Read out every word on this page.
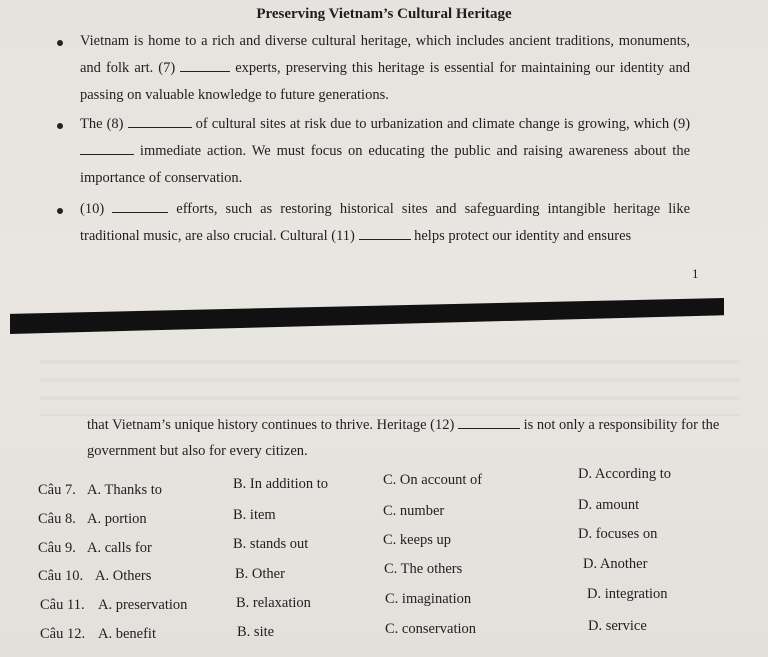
Preserving Vietnam’s Cultural Heritage
Vietnam is home to a rich and diverse cultural heritage, which includes ancient traditions, monuments, and folk art. (7)	experts, preserving this heritage is essential for maintaining our identity and passing on valuable knowledge to future generations.
The (8)	of cultural sites at risk due to urbanization and climate change is growing, which (9)  immediate action. We must focus on educating the public and raising awareness about the importance of conservation.
(10)	efforts, such as restoring historical sites and safeguarding intangible heritage like traditional music, are also crucial. Cultural (11)	helps protect our identity and ensures
1
that Vietnam’s unique history continues to thrive. Heritage (12)	is not only a responsibility for the government but also for every citizen.
Câu 7. A. Thanks to	B. In addition to	C. On account of	D. According to
Câu 8. A. portion	B. item	C. number	D. amount
Câu 9. A. calls for	B. stands out	C. keeps up	D. focuses on
Câu 10. A. Others	B. Other	C. The others	D. Another
Câu 11. A. preservation	B. relaxation	C. imagination	D. integration
Câu 12. A. benefit	B. site	C. conservation	D. service
